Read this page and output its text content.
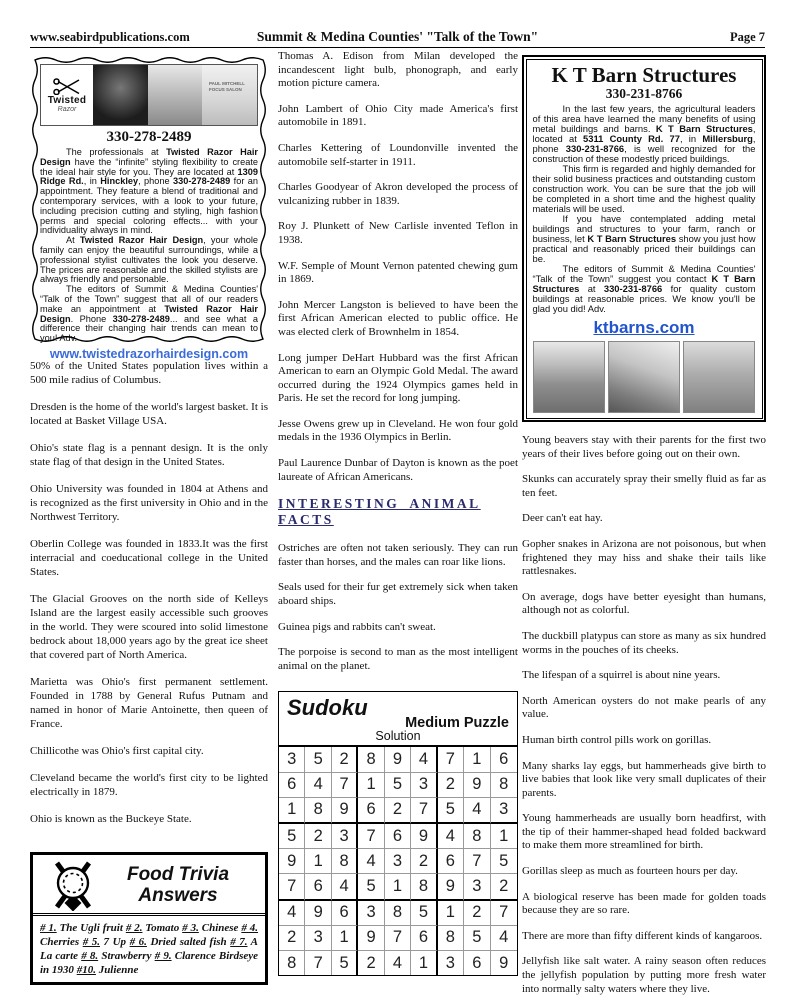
www.seabirdpublications.com	Summit & Medina Counties' "Talk of the Town"	Page 7
Twisted
Razor
PAUL MITCHELL
FOCUS SALON
330-278-2489

The professionals at Twisted Razor Hair Design have the “infinite” styling flexibility to create the ideal hair style for you. They are located at 1309 Ridge Rd., in Hinckley, phone 330-278-2489 for an appointment. They feature a blend of traditional and contemporary services, with a look to your future, including precision cutting and styling, high fashion perms and special coloring effects... with your individuality always in mind.

At Twisted Razor Hair Design, your whole family can enjoy the beautiful surroundings, while a professional stylist cultivates the look you deserve. The prices are reasonable and the skilled stylists are always friendly and personable.

The editors of Summit & Medina Counties' “Talk of the Town” suggest that all of our readers make an appointment at Twisted Razor Hair Design. Phone 330-278-2489... and see what a difference their changing hair trends can mean to you! Adv.

www.twistedrazorhairdesign.com

50% of the United States population lives within a 500 mile radius of Columbus.

Dresden is the home of the world's largest basket. It is located at Basket Village USA.

Ohio's state flag is a pennant design. It is the only state flag of that design in the United States.

Ohio University was founded in 1804 at Athens and is recognized as the first university in Ohio and in the Northwest Territory.

Oberlin College was founded in 1833.It was the first interracial and coeducational college in the United States.

The Glacial Grooves on the north side of Kelleys Island are the largest easily accessible such grooves in the world. They were scoured into solid limestone bedrock about 18,000 years ago by the great ice sheet that covered part of North America.

Marietta was Ohio's first permanent settlement. Founded in 1788 by General Rufus Putnam and named in honor of Marie Antoinette, then queen of France.

Chillicothe was Ohio's first capital city.

Cleveland became the world's first city to be lighted electrically in 1879.

Ohio is known as the Buckeye State.

Food Trivia
Answers
# 1. The Ugli fruit # 2. Tomato # 3. Chinese # 4. Cherries # 5. 7 Up # 6. Dried salted fish # 7. A La carte # 8. Strawberry # 9. Clarence Birdseye in 1930 #10. Julienne

Thomas A. Edison from Milan developed the incandescent light bulb, phonograph, and early motion picture camera.

John Lambert of Ohio City made America's first automobile in 1891.

Charles Kettering of Loundonville invented the automobile self-starter in 1911.

Charles Goodyear of Akron developed the process of vulcanizing rubber in 1839.

Roy J. Plunkett of New Carlisle invented Teflon in 1938.

W.F. Semple of Mount Vernon patented chewing gum in 1869.

John Mercer Langston is believed to have been the first African American elected to public office. He was elected clerk of Brownhelm in 1854.

Long jumper DeHart Hubbard was the first African American to earn an Olympic Gold Medal. The award occurred during the 1924 Olympics games held in Paris. He set the record for long jumping.

Jesse Owens grew up in Cleveland. He won four gold medals in the 1936 Olympics in Berlin.

Paul Laurence Dunbar of Dayton is known as the poet laureate of African Americans.

INTERESTING ANIMAL FACTS

Ostriches are often not taken seriously. They can run faster than horses, and the males can roar like lions.

Seals used for their fur get extremely sick when taken aboard ships.

Guinea pigs and rabbits can't sweat.

The porpoise is second to man as the most intelligent animal on the planet.

Sudoku
Medium Puzzle
Solution
3	5	2	8	9	4	7	1	6
6	4	7	1	5	3	2	9	8
1	8	9	6	2	7	5	4	3
5	2	3	7	6	9	4	8	1
9	1	8	4	3	2	6	7	5
7	6	4	5	1	8	9	3	2
4	9	6	3	8	5	1	2	7
2	3	1	9	7	6	8	5	4
8	7	5	2	4	1	3	6	9
K T Barn Structures
330-231-8766

In the last few years, the agricultural leaders of this area have learned the many benefits of using metal buildings and barns. K T Barn Structures, located at 5311 County Rd. 77, in Millersburg, phone 330-231-8766, is well recognized for the construction of these modestly priced buildings.

This firm is regarded and highly demanded for their solid business practices and outstanding custom construction work. You can be sure that the job will be completed in a short time and the highest quality materials will be used.

If you have contemplated adding metal buildings and structures to your farm, ranch or business, let K T Barn Structures show you just how practical and reasonably priced their buildings can be.

The editors of Summit & Medina Counties' “Talk of the Town” suggest you contact K T Barn Structures at 330-231-8766 for quality custom buildings at reasonable prices. We know you'll be glad you did! Adv.

ktbarns.com

Young beavers stay with their parents for the first two years of their lives before going out on their own.

Skunks can accurately spray their smelly fluid as far as ten feet.

Deer can't eat hay.

Gopher snakes in Arizona are not poisonous, but when frightened they may hiss and shake their tails like rattlesnakes.

On average, dogs have better eyesight than humans, although not as colorful.

The duckbill platypus can store as many as six hundred worms in the pouches of its cheeks.

The lifespan of a squirrel is about nine years.

North American oysters do not make pearls of any value.

Human birth control pills work on gorillas.

Many sharks lay eggs, but hammerheads give birth to live babies that look like very small duplicates of their parents.

Young hammerheads are usually born headfirst, with the tip of their hammer-shaped head folded backward to make them more streamlined for birth.

Gorillas sleep as much as fourteen hours per day.

A biological reserve has been made for golden toads because they are so rare.

There are more than fifty different kinds of kangaroos.

Jellyfish like salt water. A rainy season often reduces the jellyfish population by putting more fresh water into normally salty waters where they live.
